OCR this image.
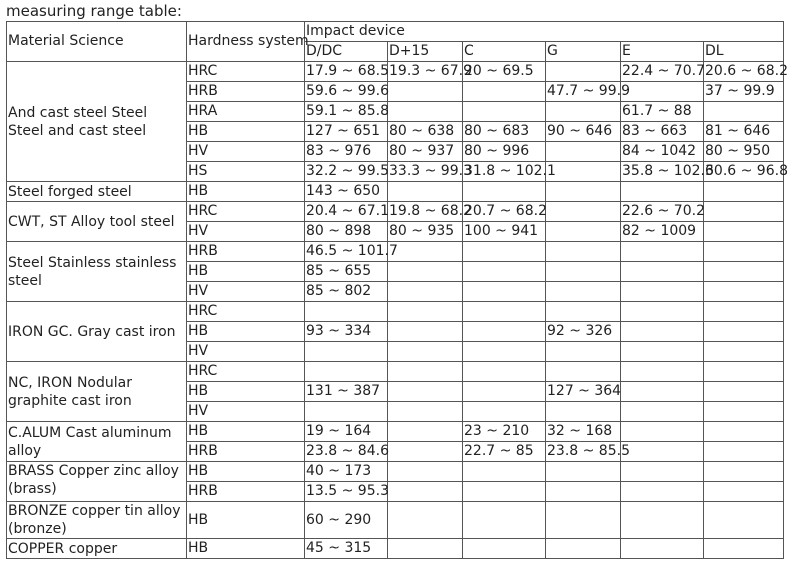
measuring range table:
Material Science	Hardness system	Impact device					
		D/DC	D+15	C	G	E	DL
And cast steel Steel Steel and cast steel	HRC	17.9 ~ 68.5	19.3 ~ 67.9	20 ~ 69.5		22.4 ~ 70.7	20.6 ~ 68.2
	HRB	59.6 ~ 99.6			47.7 ~ 99.9		37 ~ 99.9
	HRA	59.1 ~ 85.8				61.7 ~ 88	
	HB	127 ~ 651	80 ~ 638	80 ~ 683	90 ~ 646	83 ~ 663	81 ~ 646
	HV	83 ~ 976	80 ~ 937	80 ~ 996		84 ~ 1042	80 ~ 950
	HS	32.2 ~ 99.5	33.3 ~ 99.3	31.8 ~ 102.1		35.8 ~ 102.6	30.6 ~ 96.8
Steel forged steel	HB	143 ~ 650					
CWT, ST Alloy tool steel	HRC	20.4 ~ 67.1	19.8 ~ 68.2	20.7 ~ 68.2		22.6 ~ 70.2	
	HV	80 ~ 898	80 ~ 935	100 ~ 941		82 ~ 1009	
Steel Stainless stainless steel	HRB	46.5 ~ 101.7					
	HB	85 ~ 655					
	HV	85 ~ 802					
IRON GC. Gray cast iron	HRC						
	HB	93 ~ 334			92 ~ 326		
	HV						
NC, IRON Nodular graphite cast iron	HRC						
	HB	131 ~ 387			127 ~ 364		
	HV						
C.ALUM Cast aluminum alloy	HB	19 ~ 164		23 ~ 210	32 ~ 168		
	HRB	23.8 ~ 84.6		22.7 ~ 85	23.8 ~ 85.5		
BRASS Copper zinc alloy (brass)	HB	40 ~ 173					
	HRB	13.5 ~ 95.3					
BRONZE copper tin alloy (bronze)	HB	60 ~ 290					
COPPER copper	HB	45 ~ 315					
